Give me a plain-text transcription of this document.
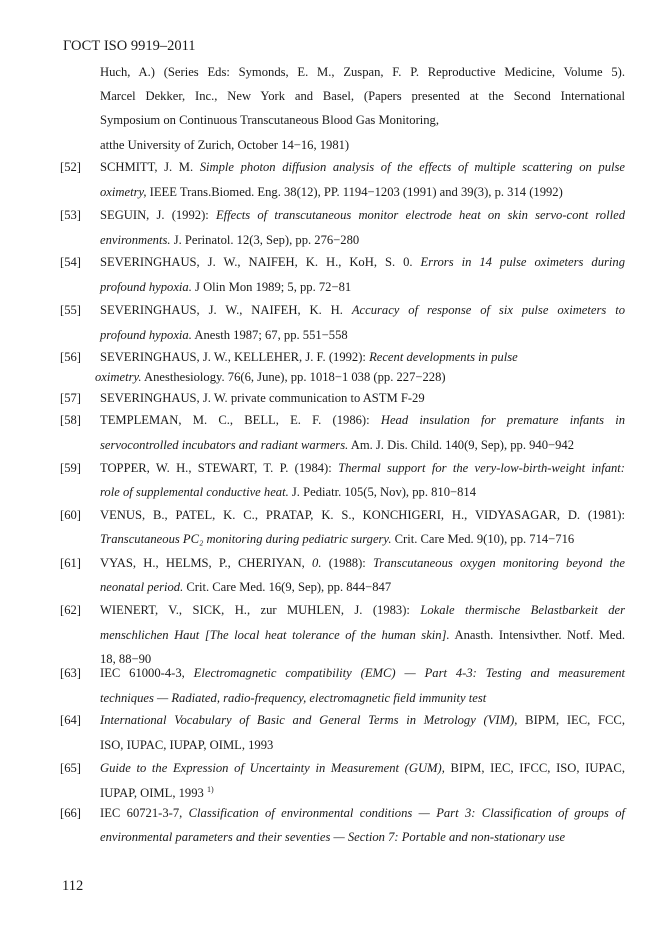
ГОСТ ISO 9919–2011
Huch, A.) (Series Eds: Symonds, E. M., Zuspan, F. P. Reproductive Medicine, Volume 5).
Marcel Dekker, Inc., New York and Basel, (Papers presented at the Second International
Symposium on Continuous Transcutaneous Blood Gas Monitoring,
atthe University of Zurich, October 14−16, 1981)
[52] SCHMITT, J. M. Simple photon diffusion analysis of the effects of multiple scattering on pulse
oximetry, IEEE Trans.Biomed. Eng. 38(12), PP. 1194−1203 (1991) and 39(3), p. 314 (1992)
[53] SEGUIN, J. (1992): Effects of transcutaneous monitor electrode heat on skin servo-cont rolled
environments. J. Perinatol. 12(3, Sep), pp. 276−280
[54] SEVERINGHAUS, J. W., NAIFEH, K. H., KoH, S. 0. Errors in 14 pulse oximeters during
profound hypoxia. J Olin Mon 1989; 5, pp. 72−81
[55] SEVERINGHAUS, J. W., NAIFEH, K. H. Accuracy of response of six pulse oximeters to
profound hypoxia. Anesth 1987; 67, pp. 551−558
[56] SEVERINGHAUS, J. W., KELLEHER, J. F. (1992): Recent developments in pulse
oximetry. Anesthesiology. 76(6, June), pp. 1018−1 038 (pp. 227−228)
[57] SEVERINGHAUS, J. W. private communication to ASTM F-29
[58] TEMPLEMAN, M. C., BELL, E. F. (1986): Head insulation for premature infants in
servocontrolled incubators and radiant warmers. Am. J. Dis. Child. 140(9, Sep), pp. 940−942
[59] TOPPER, W. H., STEWART, T. P. (1984): Thermal support for the very-low-birth-weight infant:
role of supplemental conductive heat. J. Pediatr. 105(5, Nov), pp. 810−814
[60] VENUS, B., PATEL, K. C., PRATAP, K. S., KONCHIGERI, H., VIDYASAGAR, D. (1981):
Transcutaneous PC₂ monitoring during pediatric surgery. Crit. Care Med. 9(10), pp. 714−716
[61] VYAS, H., HELMS, P., CHERIYAN, 0. (1988): Transcutaneous oxygen monitoring beyond the
neonatal period. Crit. Care Med. 16(9, Sep), pp. 844−847
[62] WIENERT, V., SICK, H., zur MUHLEN, J. (1983): Lokale thermische Belastbarkeit der
menschlichen Haut [The local heat tolerance of the human skin]. Anasth. Intensivther. Notf. Med.
18, 88−90
[63] IEC 61000-4-3, Electromagnetic compatibility (EMC) — Part 4-3: Testing and measurement
techniques — Radiated, radio-frequency, electromagnetic field immunity test
[64] International Vocabulary of Basic and General Terms in Metrology (VIM), BIPM, IEC, FCC,
ISO, IUPAC, IUPAP, OIML, 1993
[65] Guide to the Expression of Uncertainty in Measurement (GUM), BIPM, IEC, IFCC, ISO, IUPAC,
IUPAP, OIML, 1993 $^{1)}$
[66] IEC 60721-3-7, Classification of environmental conditions — Part 3: Classification of groups of
environmental parameters and their seventies — Section 7: Portable and non-stationary use
112
